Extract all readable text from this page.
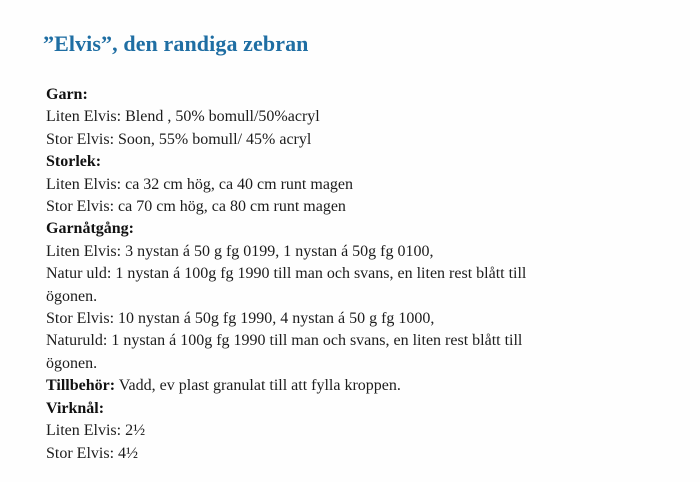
”Elvis”, den randiga zebran
Garn:
Liten Elvis: Blend , 50% bomull/50%acryl
Stor Elvis: Soon, 55% bomull/ 45% acryl
Storlek:
Liten Elvis: ca 32 cm hög, ca 40 cm runt magen
Stor Elvis: ca 70 cm hög, ca 80 cm runt magen
Garnåtgång:
Liten Elvis: 3 nystan á 50 g fg 0199, 1 nystan á 50g fg 0100,
Natur uld: 1 nystan á 100g fg 1990 till man och svans, en liten rest blått till
ögonen.
Stor Elvis: 10 nystan á 50g fg 1990, 4 nystan á 50 g fg 1000,
Naturuld: 1 nystan á 100g fg 1990 till man och svans, en liten rest blått till
ögonen.
Tillbehör: Vadd, ev plast granulat till att fylla kroppen.
Virknål:
Liten Elvis: 2½
Stor Elvis: 4½
